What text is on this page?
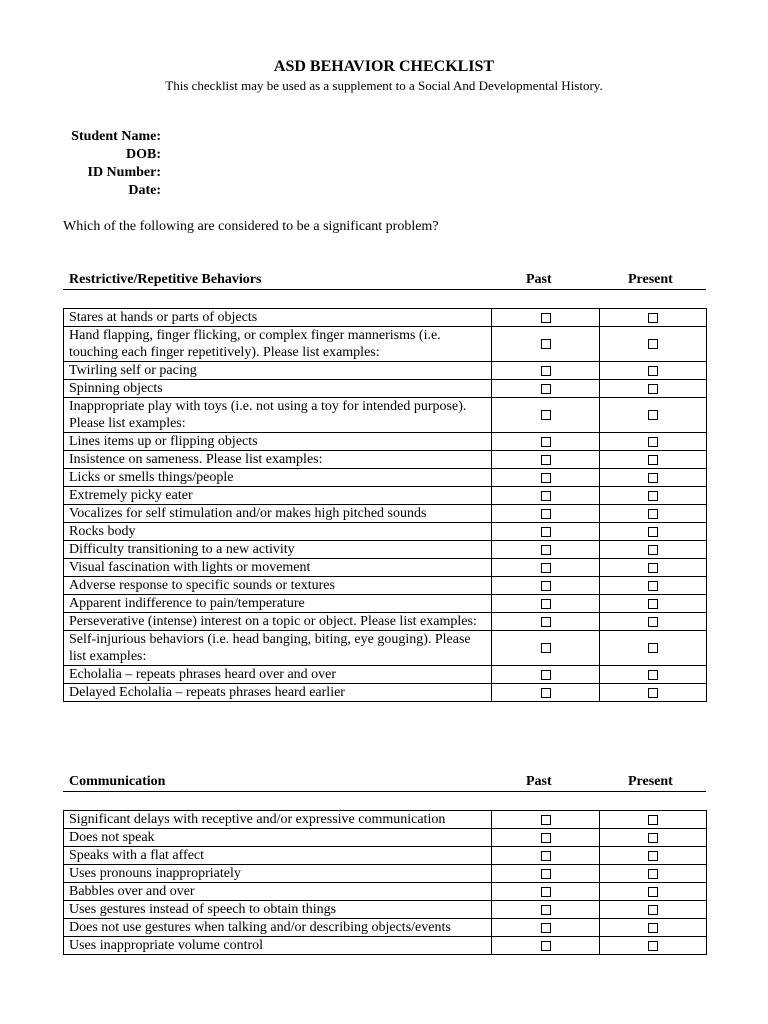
ASD BEHAVIOR CHECKLIST
This checklist may be used as a supplement to a Social And Developmental History.
Student Name:
DOB:
ID Number:
Date:
Which of the following are considered to be a significant problem?
Restrictive/Repetitive Behaviors	Past	Present
Stares at hands or parts of objects		
Hand flapping, finger flicking, or complex finger mannerisms (i.e. touching each finger repetitively). Please list examples:		
Twirling self or pacing		
Spinning objects		
Inappropriate play with toys (i.e. not using a toy for intended purpose). Please list examples:		
Lines items up or flipping objects		
Insistence on sameness. Please list examples:		
Licks or smells things/people		
Extremely picky eater		
Vocalizes for self stimulation and/or makes high pitched sounds		
Rocks body		
Difficulty transitioning to a new activity		
Visual fascination with lights or movement		
Adverse response to specific sounds or textures		
Apparent indifference to pain/temperature		
Perseverative (intense) interest on a topic or object. Please list examples:		
Self-injurious behaviors (i.e. head banging, biting, eye gouging). Please list examples:		
Echolalia – repeats phrases heard over and over		
Delayed Echolalia – repeats phrases heard earlier		
Communication	Past	Present
Significant delays with receptive and/or expressive communication		
Does not speak		
Speaks with a flat affect		
Uses pronouns inappropriately		
Babbles over and over		
Uses gestures instead of speech to obtain things		
Does not use gestures when talking and/or describing objects/events		
Uses inappropriate volume control		
